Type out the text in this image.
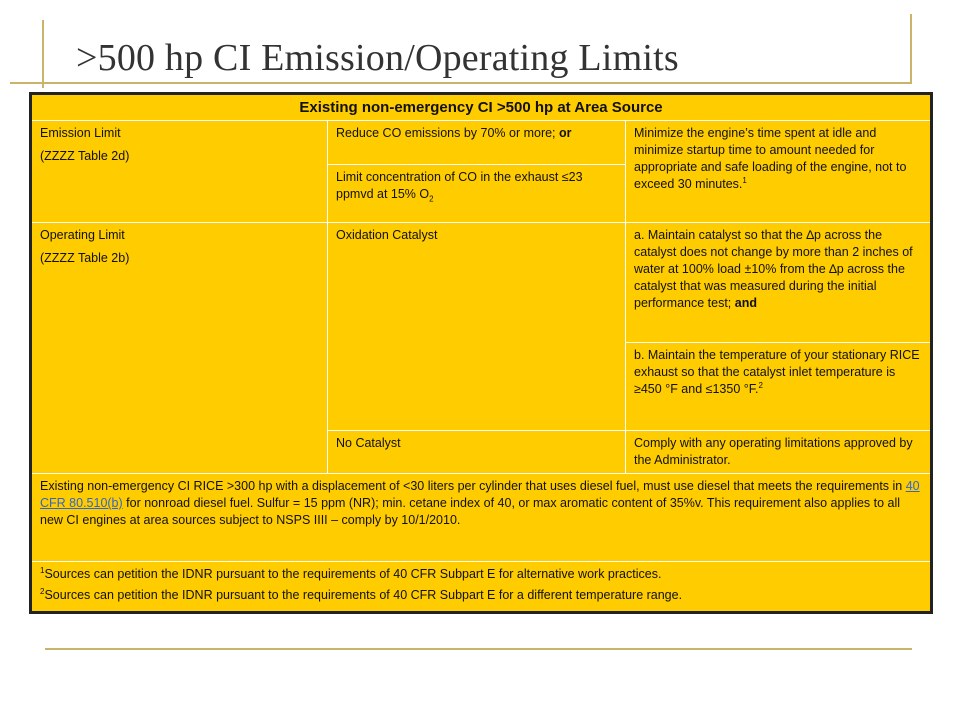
>500 hp CI Emission/Operating Limits
Existing non-emergency CI >500 hp at Area Source		
Emission Limit
(ZZZZ Table 2d)	Reduce CO emissions by 70% or more; or	Minimize the engine’s time spent at idle and minimize startup time to amount needed for appropriate and safe loading of the engine, not to exceed 30 minutes.$^1$
	Limit concentration of CO in the exhaust ≤23 ppmvd at 15% $O_2$
Operating Limit
(ZZZZ Table 2b)	Oxidation Catalyst	a. Maintain catalyst so that the ∆p across the catalyst does not change by more than 2 inches of water at 100% load ±10% from the ∆p across the catalyst that was measured during the initial performance test; and
		b. Maintain the temperature of your stationary RICE exhaust so that the catalyst inlet temperature is ≥450 °F and ≤1350 °F.$^2$
	No Catalyst	Comply with any operating limitations approved by the Administrator.
Existing non-emergency CI RICE >300 hp with a displacement of <30 liters per cylinder that uses diesel fuel, must use diesel that meets the requirements in 40 CFR 80.510(b) for nonroad diesel fuel. Sulfur = 15 ppm (NR); min. cetane index of 40, or max aromatic content of 35%v. This requirement also applies to all new CI engines at area sources subject to NSPS IIII – comply by 10/1/2010.		

$^1$Sources can petition the IDNR pursuant to the requirements of 40 CFR Subpart E for alternative work practices.
$^2$Sources can petition the IDNR pursuant to the requirements of 40 CFR Subpart E for a different temperature range.		
